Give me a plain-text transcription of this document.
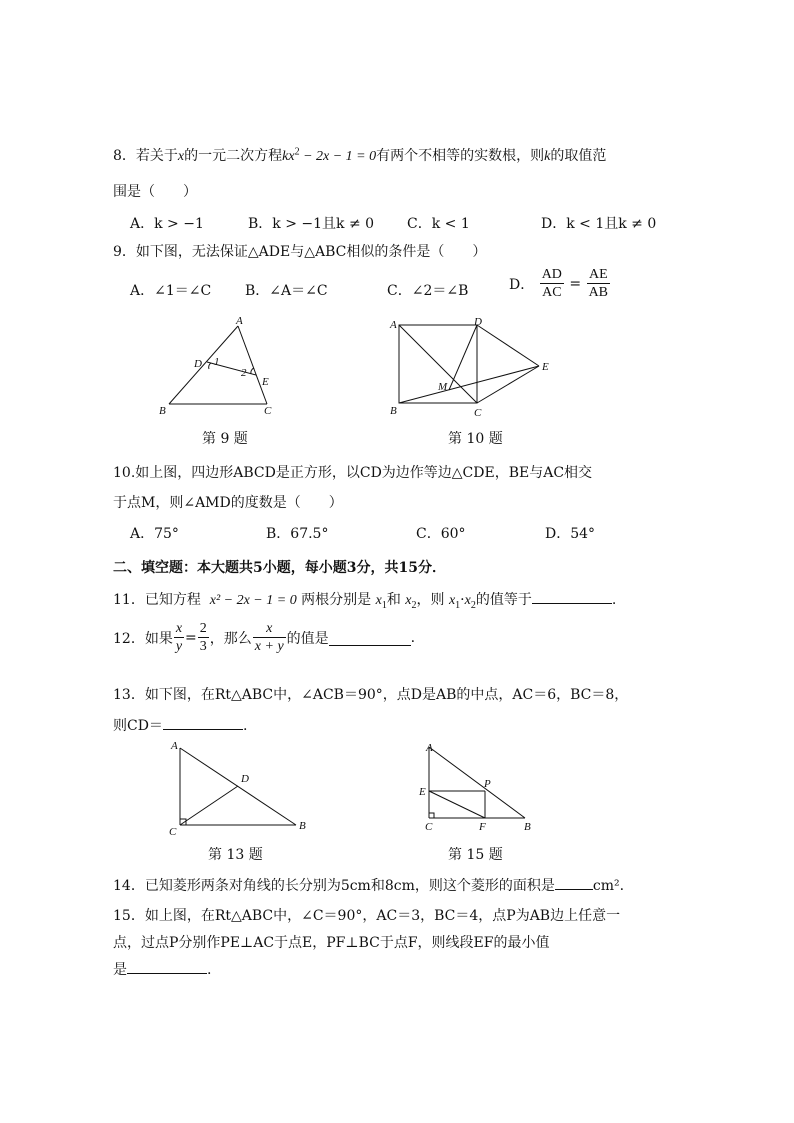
8．若关于x的一元二次方程$kx^2 - 2x - 1 = 0$有两个不相等的实数根，则k的取值范
围是（　　）
A．k > −1	B．k > −1且k ≠ 0 C．k < 1	D．k < 1且k ≠ 0
9．如下图，无法保证△ADE与△ABC相似的条件是（　　）
A．∠1＝∠C B．∠A＝∠C	C．∠2＝∠B	D． $\frac{AD}{AC} = \frac{AE}{AB}$
A
B	C
D
E
1
2
第 9 题
A
B	C
D
E
M
第 10 题
10.如上图，四边形ABCD是正方形，以CD为边作等边△CDE，BE与AC相交
于点M，则∠AMD的度数是（　　）
A．75°	B．67.5°	C．60°	D．54°
二、填空题：本大题共5小题，每小题3分，共15分．
11．已知方程 x² − 2x − 1 = 0 两根分别是 $x_1$和 $x_2$，则 $x_1\cdot x_2$的值等于	.
12．如果 $\frac{x}{y} = \frac{2}{3}$ ，那么 $\frac{x}{x + y}$ 的值是	.
13．如下图，在Rt△ABC中，∠ACB＝90°，点D是AB的中点，AC＝6，BC＝8，
则CD＝	.
A
B
C
D
第 13 题
A
B
C
E
F
P
第 15 题
14．已知菱形两条对角线的长分别为5cm和8cm，则这个菱形的面积是	cm².
15．如上图，在Rt△ABC中，∠C＝90°，AC＝3，BC＝4，点P为AB边上任意一
点，过点P分别作PE⊥AC于点E，PF⊥BC于点F，则线段EF的最小值
是	.
